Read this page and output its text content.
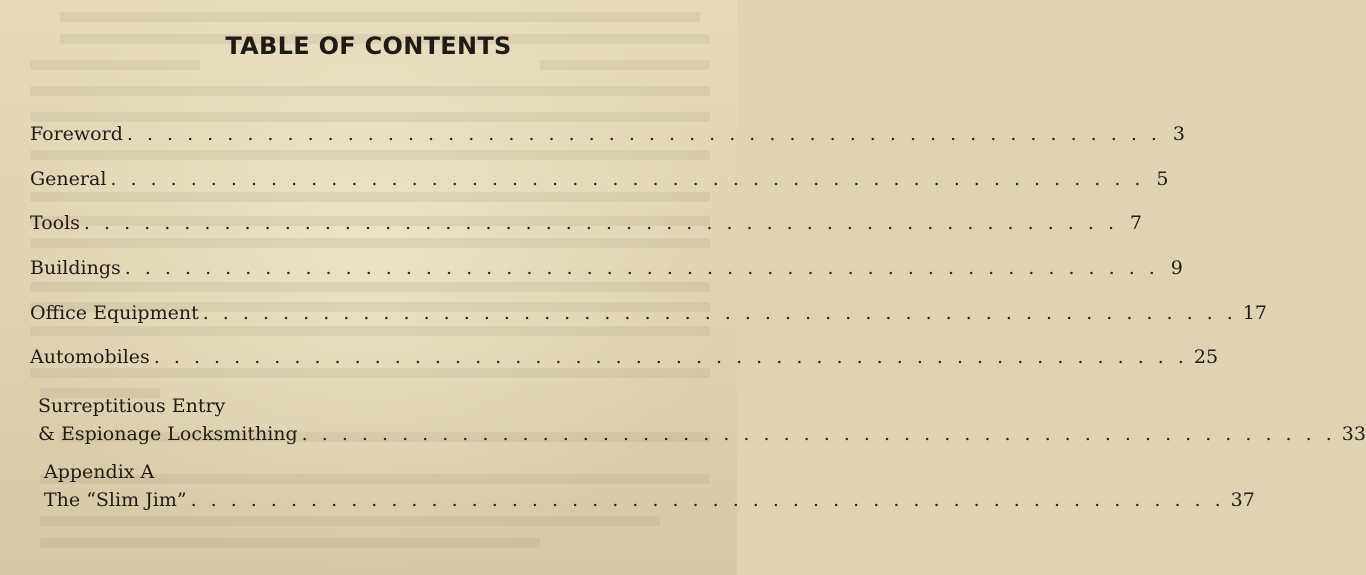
TABLE OF CONTENTS
Foreword . . . . . . . . . . . . . . . . . . . . . . . . . . . . . . . . . . . . . . . . . . . . . . . . . . . . 3
General . . . . . . . . . . . . . . . . . . . . . . . . . . . . . . . . . . . . . . . . . . . . . . . . . . . . 5
Tools . . . . . . . . . . . . . . . . . . . . . . . . . . . . . . . . . . . . . . . . . . . . . . . . . . . . 7
Buildings . . . . . . . . . . . . . . . . . . . . . . . . . . . . . . . . . . . . . . . . . . . . . . . . . . . . 9
Office Equipment . . . . . . . . . . . . . . . . . . . . . . . . . . . . . . . . . . . . . . . . . . . . . . . . . . . . 17
Automobiles . . . . . . . . . . . . . . . . . . . . . . . . . . . . . . . . . . . . . . . . . . . . . . . . . . . . 25
Surreptitious Entry
& Espionage Locksmithing . . . . . . . . . . . . . . . . . . . . . . . . . . . . . . . . . . . . . . . . . . . . . . . . . . . . 33
Appendix A
The “Slim Jim” . . . . . . . . . . . . . . . . . . . . . . . . . . . . . . . . . . . . . . . . . . . . . . . . . . . . 37
